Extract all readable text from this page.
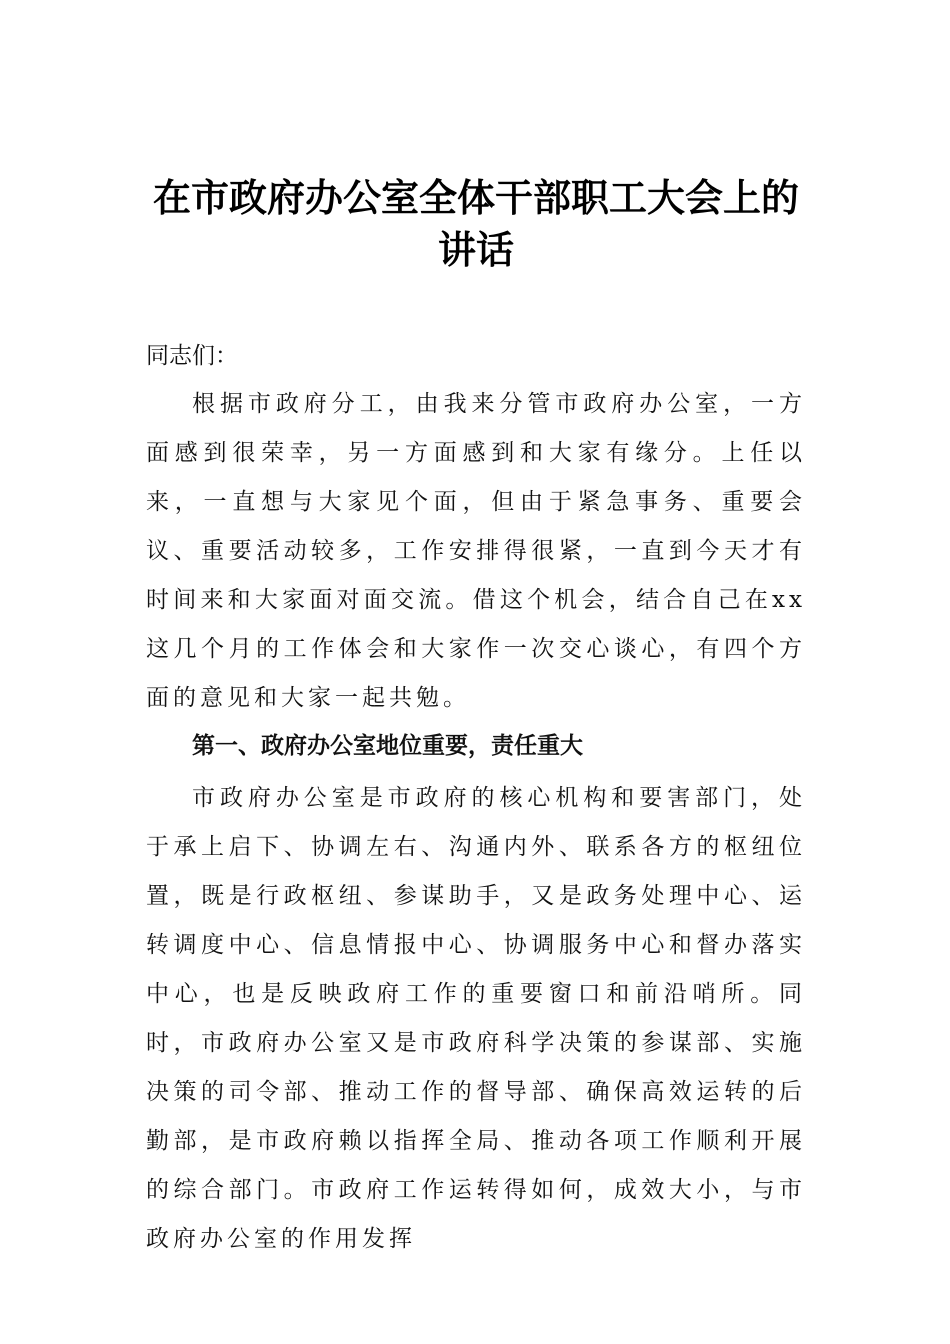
在市政府办公室全体干部职工大会上的讲话

同志们：

根据市政府分工，由我来分管市政府办公室，一方面感到很荣幸，另一方面感到和大家有缘分。上任以来，一直想与大家见个面，但由于紧急事务、重要会议、重要活动较多，工作安排得很紧，一直到今天才有时间来和大家面对面交流。借这个机会，结合自己在xx这几个月的工作体会和大家作一次交心谈心，有四个方面的意见和大家一起共勉。

第一、政府办公室地位重要，责任重大

市政府办公室是市政府的核心机构和要害部门，处于承上启下、协调左右、沟通内外、联系各方的枢纽位置，既是行政枢纽、参谋助手，又是政务处理中心、运转调度中心、信息情报中心、协调服务中心和督办落实中心，也是反映政府工作的重要窗口和前沿哨所。同时，市政府办公室又是市政府科学决策的参谋部、实施决策的司令部、推动工作的督导部、确保高效运转的后勤部，是市政府赖以指挥全局、推动各项工作顺利开展的综合部门。市政府工作运转得如何，成效大小，与市政府办公室的作用发挥
